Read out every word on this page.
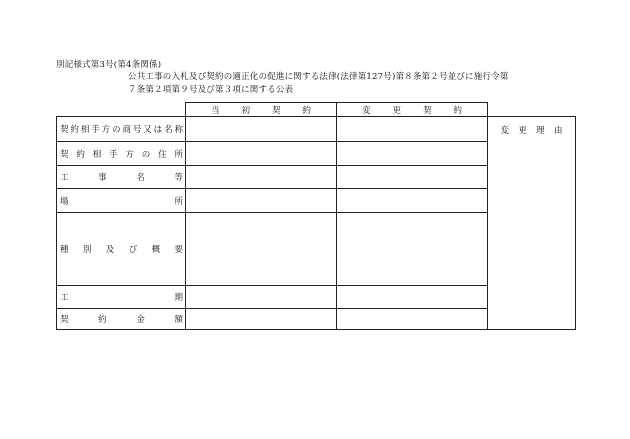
別記様式第3号(第4条関係)
公共工事の入札及び契約の適正化の促進に関する法律(法律第127号)第８条第２号並びに施行令第
７条第２項第９号及び第３項に関する公表
当初契約	変更契約
変更理由
契約相手方の商号又は名称
契約相手方の住所
工事名等
場所
種別及び概要
工期
契約金額
